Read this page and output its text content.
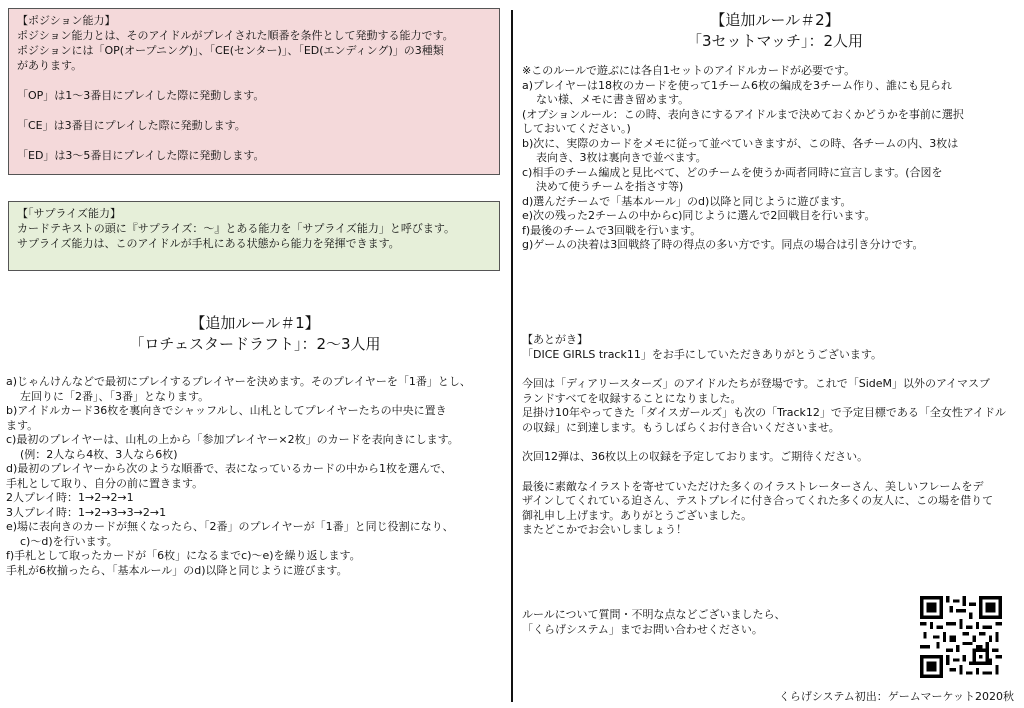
【ポジション能力】
ポジション能力とは、そのアイドルがプレイされた順番を条件として発動する能力です。
ポジションには「OP(オープニング)」、「CE(センター)」、「ED(エンディング)」の3種類
があります。
「OP」は1～3番目にプレイした際に発動します。
「CE」は3番目にプレイした際に発動します。
「ED」は3～5番目にプレイした際に発動します。
【「サプライズ能力】
カードテキストの頭に『サプライズ：～』とある能力を「サプライズ能力」と呼びます。
サプライズ能力は、このアイドルが手札にある状態から能力を発揮できます。
【追加ルール＃1】
「ロチェスタードラフト」：2～3人用
a)じゃんけんなどで最初にプレイするプレイヤーを決めます。そのプレイヤーを「1番」とし、
左回りに「2番」、「3番」となります。
b)アイドルカード36枚を裏向きでシャッフルし、山札としてプレイヤーたちの中央に置き
ます。
c)最初のプレイヤーは、山札の上から「参加プレイヤー×2枚」のカードを表向きにします。
(例：2人なら4枚、3人なら6枚)
d)最初のプレイヤーから次のような順番で、表になっているカードの中から1枚を選んで、
手札として取り、自分の前に置きます。
2人プレイ時：1→2→2→1
3人プレイ時：1→2→3→3→2→1
e)場に表向きのカードが無くなったら、「2番」のプレイヤーが「1番」と同じ役割になり、
c)～d)を行います。
f)手札として取ったカードが「6枚」になるまでc)～e)を繰り返します。
手札が6枚揃ったら、「基本ルール」のd)以降と同じように遊びます。
【追加ルール＃2】
「3セットマッチ」：2人用
※このルールで遊ぶには各自1セットのアイドルカードが必要です。
a)プレイヤーは18枚のカードを使って1チーム6枚の編成を3チーム作り、誰にも見られ
ない様、メモに書き留めます。
(オプションルール：この時、表向きにするアイドルまで決めておくかどうかを事前に選択
しておいてください。)
b)次に、実際のカードをメモに従って並べていきますが、この時、各チームの内、3枚は
表向き、3枚は裏向きで並べます。
c)相手のチーム編成と見比べて、どのチームを使うか両者同時に宣言します。(合図を
決めて使うチームを指さす等)
d)選んだチームで「基本ルール」のd)以降と同じように遊びます。
e)次の残った2チームの中からc)同じように選んで2回戦目を行います。
f)最後のチームで3回戦を行います。
g)ゲームの決着は3回戦終了時の得点の多い方です。同点の場合は引き分けです。
【あとがき】
「DICE GIRLS track11」をお手にしていただきありがとうございます。
今回は「ディアリースターズ」のアイドルたちが登場です。これで「SideM」以外のアイマスブ
ランドすべてを収録することになりました。
足掛け10年やってきた「ダイスガールズ」も次の「Track12」で予定目標である「全女性アイドル
の収録」に到達します。もうしばらくお付き合いくださいませ。
次回12弾は、36枚以上の収録を予定しております。ご期待ください。
最後に素敵なイラストを寄せていただけた多くのイラストレーターさん、美しいフレームをデ
ザインしてくれている迫さん、テストプレイに付き合ってくれた多くの友人に、この場を借りて
御礼申し上げます。ありがとうございました。
またどこかでお会いしましょう！
ルールについて質問・不明な点などございましたら、
「くらげシステム」までお問い合わせください。
くらげシステム初出：ゲームマーケット2020秋
